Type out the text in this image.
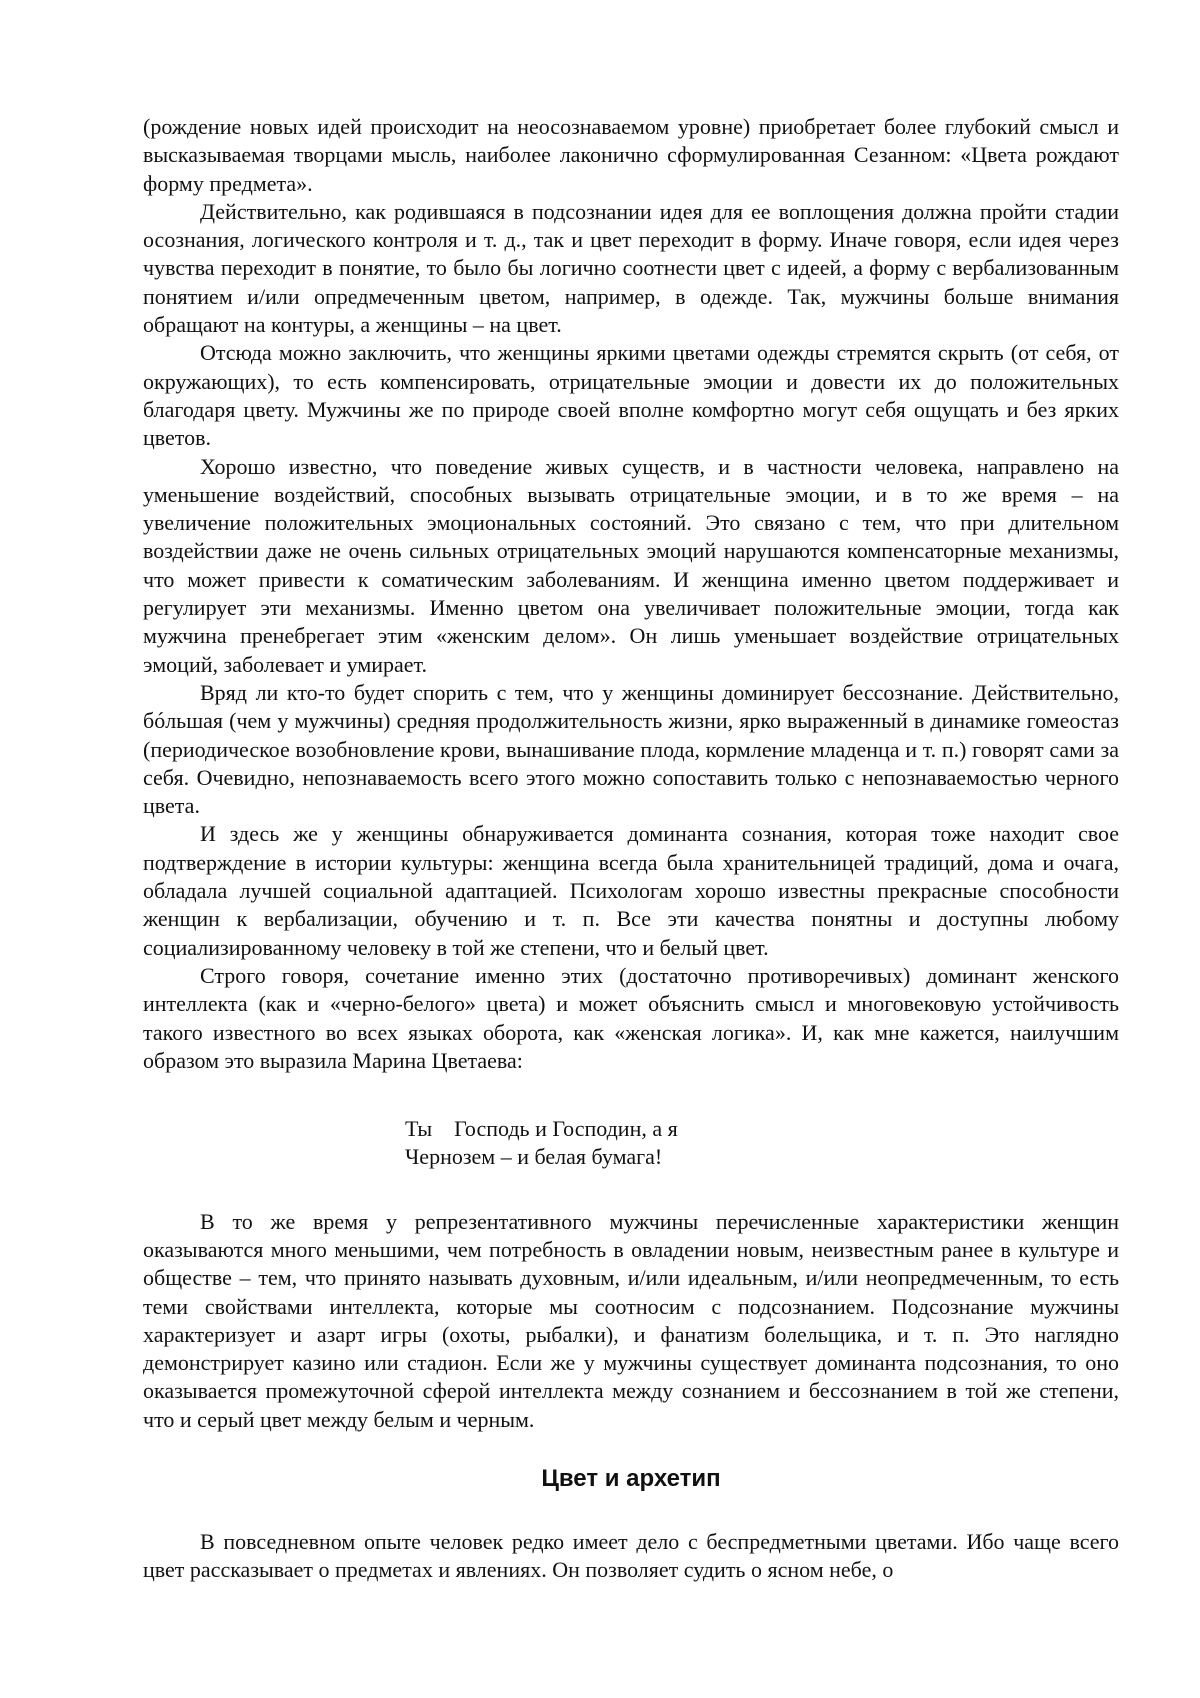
(рождение новых идей происходит на неосознаваемом уровне) приобретает более глубокий смысл и высказываемая творцами мысль, наиболее лаконично сформулированная Сезанном: «Цвета рождают форму предмета».

Действительно, как родившаяся в подсознании идея для ее воплощения должна пройти стадии осознания, логического контроля и т. д., так и цвет переходит в форму. Иначе говоря, если идея через чувства переходит в понятие, то было бы логично соотнести цвет с идеей, а форму с вербализованным понятием и/или опредмеченным цветом, например, в одежде. Так, мужчины больше внимания обращают на контуры, а женщины – на цвет.

Отсюда можно заключить, что женщины яркими цветами одежды стремятся скрыть (от себя, от окружающих), то есть компенсировать, отрицательные эмоции и довести их до положительных благодаря цвету. Мужчины же по природе своей вполне комфортно могут себя ощущать и без ярких цветов.

Хорошо известно, что поведение живых существ, и в частности человека, направлено на уменьшение воздействий, способных вызывать отрицательные эмоции, и в то же время – на увеличение положительных эмоциональных состояний. Это связано с тем, что при длительном воздействии даже не очень сильных отрицательных эмоций нарушаются компенсаторные механизмы, что может привести к соматическим заболеваниям. И женщина именно цветом поддерживает и регулирует эти механизмы. Именно цветом она увеличивает положительные эмоции, тогда как мужчина пренебрегает этим «женским делом». Он лишь уменьшает воздействие отрицательных эмоций, заболевает и умирает.

Вряд ли кто-то будет спорить с тем, что у женщины доминирует бессознание. Действительно, бóльшая (чем у мужчины) средняя продолжительность жизни, ярко выраженный в динамике гомеостаз (периодическое возобновление крови, вынашивание плода, кормление младенца и т. п.) говорят сами за себя. Очевидно, непознаваемость всего этого можно сопоставить только с непознаваемостью черного цвета.

И здесь же у женщины обнаруживается доминанта сознания, которая тоже находит свое подтверждение в истории культуры: женщина всегда была хранительницей традиций, дома и очага, обладала лучшей социальной адаптацией. Психологам хорошо известны прекрасные способности женщин к вербализации, обучению и т. п. Все эти качества понятны и доступны любому социализированному человеку в той же степени, что и белый цвет.

Строго говоря, сочетание именно этих (достаточно противоречивых) доминант женского интеллекта (как и «черно-белого» цвета) и может объяснить смысл и многовековую устойчивость такого известного во всех языках оборота, как «женская логика». И, как мне кажется, наилучшим образом это выразила Марина Цветаева:

Ты    Господь и Господин, а я
Чернозем – и белая бумага!

В то же время у репрезентативного мужчины перечисленные характеристики женщин оказываются много меньшими, чем потребность в овладении новым, неизвестным ранее в культуре и обществе – тем, что принято называть духовным, и/или идеальным, и/или неопредмеченным, то есть теми свойствами интеллекта, которые мы соотносим с подсознанием. Подсознание мужчины характеризует и азарт игры (охоты, рыбалки), и фанатизм болельщика, и т. п. Это наглядно демонстрирует казино или стадион. Если же у мужчины существует доминанта подсознания, то оно оказывается промежуточной сферой интеллекта между сознанием и бессознанием в той же степени, что и серый цвет между белым и черным.

Цвет и архетип

В повседневном опыте человек редко имеет дело с беспредметными цветами. Ибо чаще всего цвет рассказывает о предметах и явлениях. Он позволяет судить о ясном небе, о
